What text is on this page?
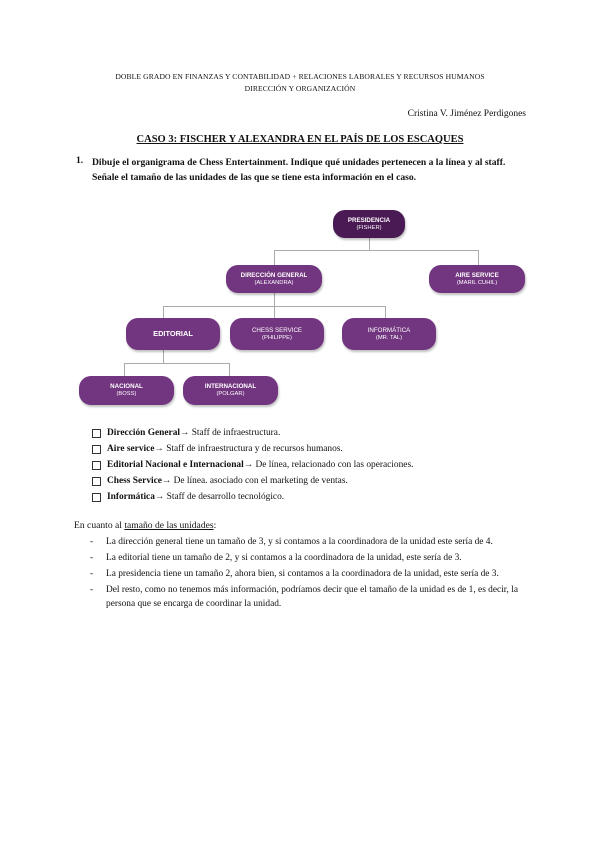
DOBLE GRADO EN FINANZAS Y CONTABILIDAD + RELACIONES LABORALES Y RECURSOS HUMANOS
DIRECCIÓN Y ORGANIZACIÓN
Cristina V. Jiménez Perdigones
CASO 3: FISCHER Y ALEXANDRA EN EL PAÍS DE LOS ESCAQUES
1. Dibuje el organigrama de Chess Entertainment. Indique qué unidades pertenecen a la línea y al staff. Señale el tamaño de las unidades de las que se tiene esta información en el caso.
PRESIDENCIA
(FISHER)
DIRECCIÓN GENERAL
(ALEXANDRA)
AIRE SERVICE
(MARIL CUHIL)
EDITORIAL	CHESS SERVICE
(PHILIPPE)
INFORMÁTICA
(MR. TAL)
NACIONAL
(BOSS)
INTERNACIONAL
(POLGAR)
Dirección General → Staff de infraestructura.
Aire service → Staff de infraestructura y de recursos humanos.
Editorial Nacional e Internacional → De línea, relacionado con las operaciones.
Chess Service → De línea. asociado con el marketing de ventas.
Informática → Staff de desarrollo tecnológico.
En cuanto al tamaño de las unidades:
- La dirección general tiene un tamaño de 3, y si contamos a la coordinadora de la unidad este sería de 4.
- La editorial tiene un tamaño de 2, y si contamos a la coordinadora de la unidad, este sería de 3.
- La presidencia tiene un tamaño 2, ahora bien, si contamos a la coordinadora de la unidad, este sería de 3.
- Del resto, como no tenemos más información, podríamos decir que el tamaño de la unidad es de 1, es decir, la persona que se encarga de coordinar la unidad.
